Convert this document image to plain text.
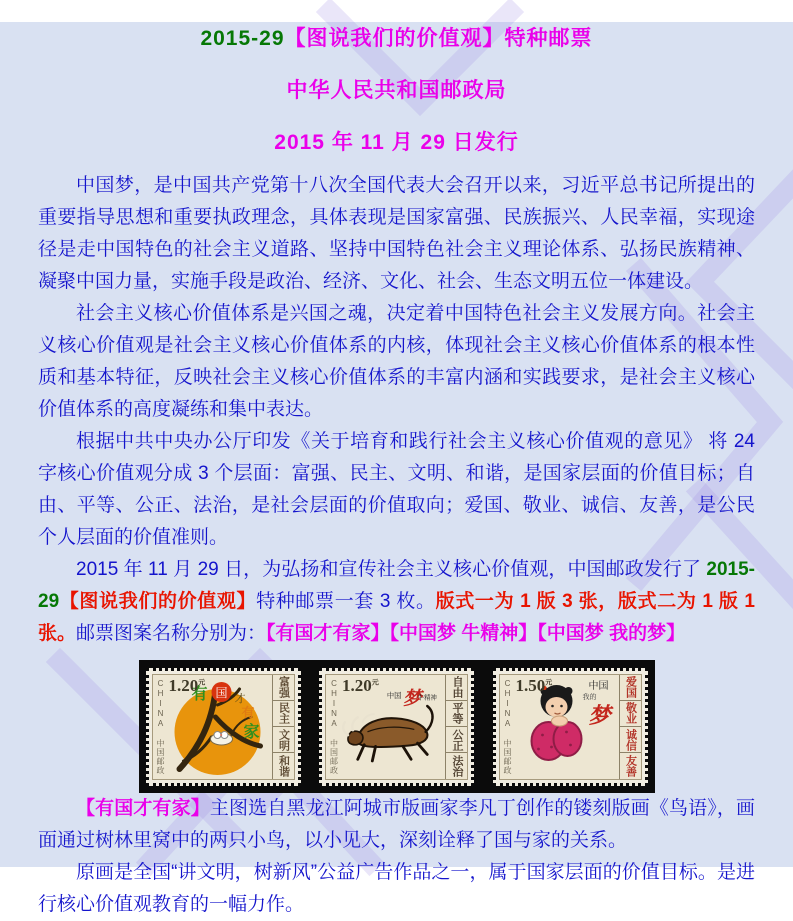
2015-29【图说我们的价值观】特种邮票

中华人民共和国邮政局

2015 年 11 月 29 日发行

中国梦，是中国共产党第十八次全国代表大会召开以来，习近平总书记所提出的重要指导思想和重要执政理念，具体表现是国家富强、民族振兴、人民幸福，实现途径是走中国特色的社会主义道路、坚持中国特色社会主义理论体系、弘扬民族精神、凝聚中国力量，实施手段是政治、经济、文化、社会、生态文明五位一体建设。

社会主义核心价值体系是兴国之魂，决定着中国特色社会主义发展方向。社会主义核心价值观是社会主义核心价值体系的内核，体现社会主义核心价值体系的根本性质和基本特征，反映社会主义核心价值体系的丰富内涵和实践要求，是社会主义核心价值体系的高度凝练和集中表达。

根据中共中央办公厅印发《关于培育和践行社会主义核心价值观的意见》 将 24 字核心价值观分成 3 个层面：富强、民主、文明、和谐，是国家层面的价值目标；自由、平等、公正、法治，是社会层面的价值取向；爱国、敬业、诚信、友善，是公民个人层面的价值准则。

2015 年 11 月 29 日，为弘扬和宣传社会主义核心价值观，中国邮政发行了 2015-29【图说我们的价值观】特种邮票一套 3 枚。版式一为 1 版 3 张，版式二为 1 版 1 张。邮票图案名称分别为：【有国才有家】【中国梦 牛精神】【中国梦 我的梦】

CHINA 中国邮政 $1.20^元$
有 国 才
有
家
富强
民主
文明
和谐	CHINA 中国邮政 $1.20^元$
中国 梦
牛精神	自由
平等
公正
法治	CHINA 中国邮政 $1.50^元$	中国
我的
梦
爱国
敬业
诚信
友善

【有国才有家】主图选自黑龙江阿城市版画家李凡丁创作的镂刻版画《鸟语》，画面通过树林里窝中的两只小鸟，以小见大，深刻诠释了国与家的关系。

原画是全国“讲文明，树新风”公益广告作品之一，属于国家层面的价值目标。是进行核心价值观教育的一幅力作。
